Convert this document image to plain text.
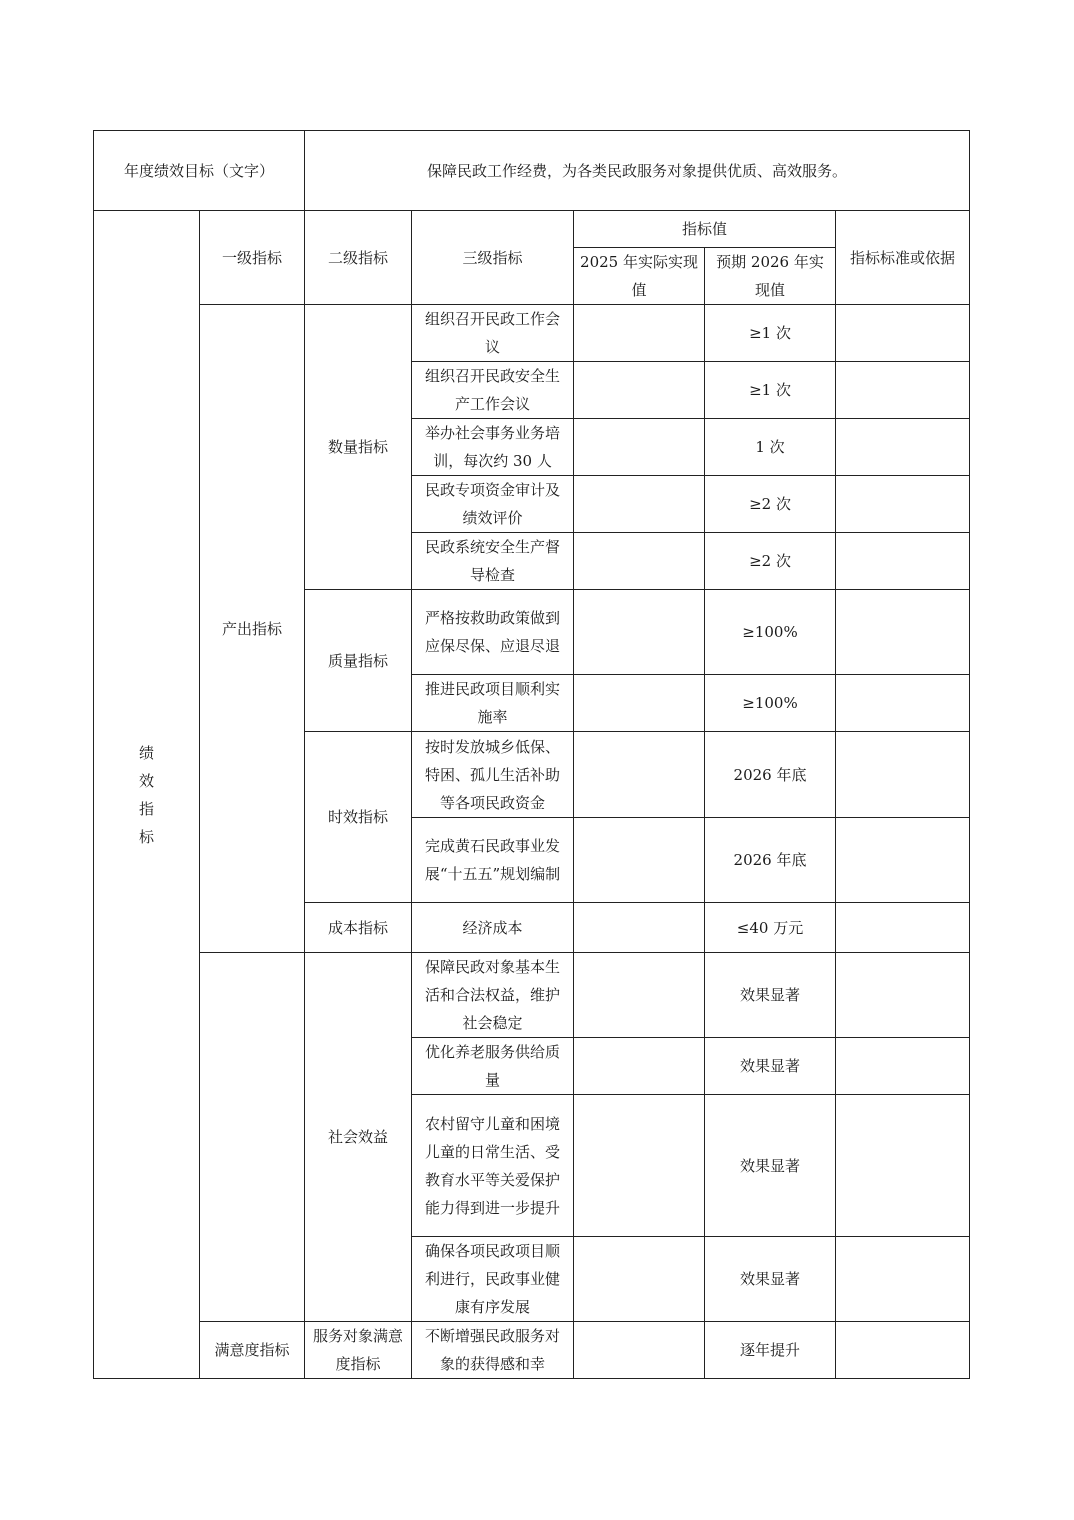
年度绩效目标（文字）		保障民政工作经费，为各类民政服务对象提供优质、高效服务。				
绩效指标	一级指标	二级指标	三级指标	指标值		指标标准或依据
				2025 年实际实现值	预期 2026 年实现值	
	产出指标	数量指标	组织召开民政工作会议		≥1 次	
			组织召开民政安全生产工作会议		≥1 次	
			举办社会事务业务培训，每次约 30 人		1 次	
			民政专项资金审计及绩效评价		≥2 次	
			民政系统安全生产督导检查		≥2 次	
		质量指标	严格按救助政策做到应保尽保、应退尽退		≥100%	
			推进民政项目顺利实施率		≥100%	
		时效指标	按时发放城乡低保、特困、孤儿生活补助等各项民政资金		2026 年底	
			完成黄石民政事业发展“十五五”规划编制		2026 年底	
		成本指标	经济成本		≤40 万元	
		社会效益	保障民政对象基本生活和合法权益，维护社会稳定		效果显著	
			优化养老服务供给质量		效果显著	
			农村留守儿童和困境儿童的日常生活、受教育水平等关爱保护能力得到进一步提升		效果显著	
			确保各项民政项目顺利进行，民政事业健康有序发展		效果显著	
	满意度指标	服务对象满意度指标	不断增强民政服务对象的获得感和幸		逐年提升	
